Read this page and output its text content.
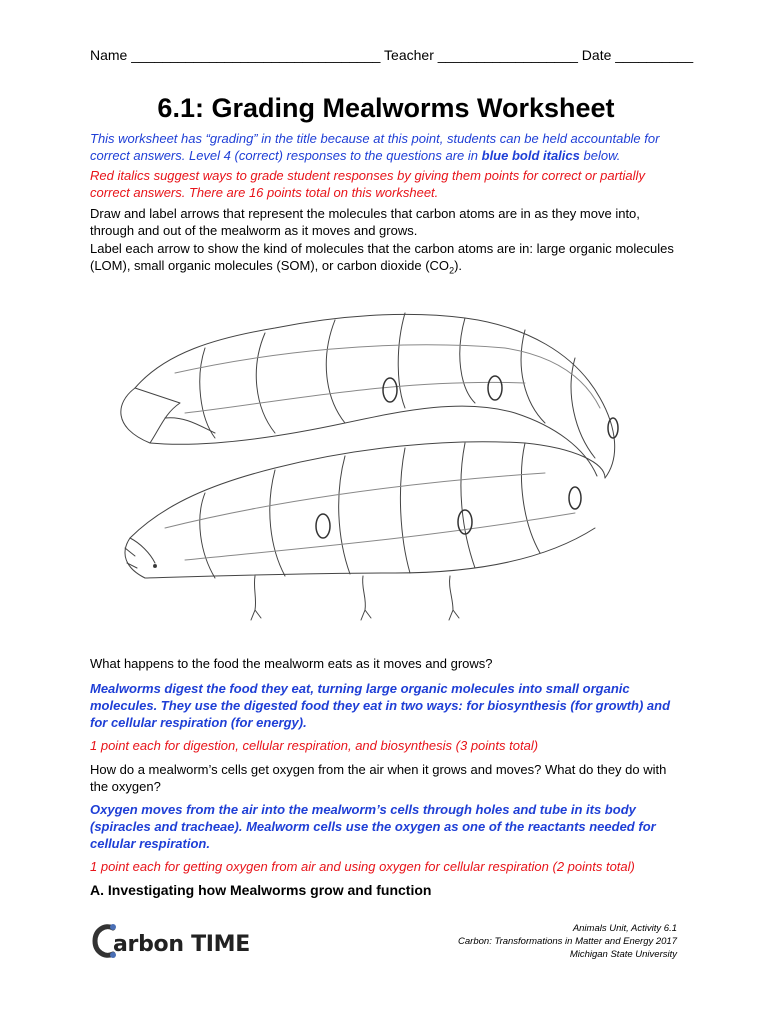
Name ________________________________ Teacher __________________ Date __________
6.1: Grading Mealworms Worksheet

This worksheet has “grading” in the title because at this point, students can be held accountable for correct answers. Level 4 (correct) responses to the questions are in blue bold italics below.

Red italics suggest ways to grade student responses by giving them points for correct or partially correct answers. There are 16 points total on this worksheet.

Draw and label arrows that represent the molecules that carbon atoms are in as they move into, through and out of the mealworm as it moves and grows.

Label each arrow to show the kind of molecules that the carbon atoms are in: large organic molecules (LOM), small organic molecules (SOM), or carbon dioxide $(CO_2)$.

What happens to the food the mealworm eats as it moves and grows?

Mealworms digest the food they eat, turning large organic molecules into small organic molecules. They use the digested food they eat in two ways: for biosynthesis (for growth) and for cellular respiration (for energy).

1 point each for digestion, cellular respiration, and biosynthesis (3 points total)

How do a mealworm’s cells get oxygen from the air when it grows and moves? What do they do with the oxygen?

Oxygen moves from the air into the mealworm’s cells through holes and tube in its body (spiracles and tracheae). Mealworm cells use the oxygen as one of the reactants needed for cellular respiration.

1 point each for getting oxygen from air and using oxygen for cellular respiration (2 points total)

A. Investigating how Mealworms grow and function

arbon TIME
Animals Unit, Activity 6.1
Carbon: Transformations in Matter and Energy 2017
Michigan State University
